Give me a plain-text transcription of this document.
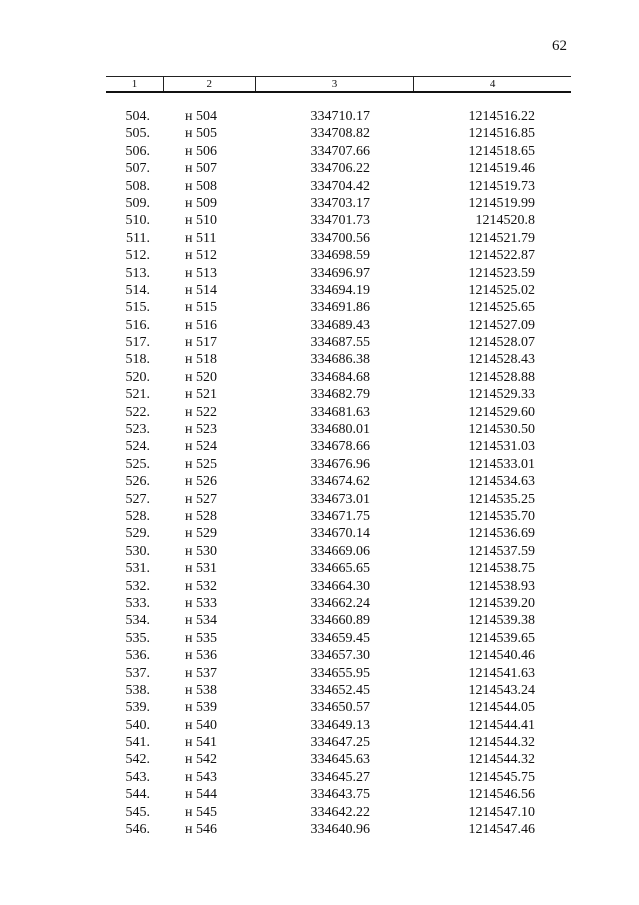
62
1	2	3	4
504.	н 504	334710.17	1214516.22
505.	н 505	334708.82	1214516.85
506.	н 506	334707.66	1214518.65
507.	н 507	334706.22	1214519.46
508.	н 508	334704.42	1214519.73
509.	н 509	334703.17	1214519.99
510.	н 510	334701.73	1214520.8
511.	н 511	334700.56	1214521.79
512.	н 512	334698.59	1214522.87
513.	н 513	334696.97	1214523.59
514.	н 514	334694.19	1214525.02
515.	н 515	334691.86	1214525.65
516.	н 516	334689.43	1214527.09
517.	н 517	334687.55	1214528.07
518.	н 518	334686.38	1214528.43
520.	н 520	334684.68	1214528.88
521.	н 521	334682.79	1214529.33
522.	н 522	334681.63	1214529.60
523.	н 523	334680.01	1214530.50
524.	н 524	334678.66	1214531.03
525.	н 525	334676.96	1214533.01
526.	н 526	334674.62	1214534.63
527.	н 527	334673.01	1214535.25
528.	н 528	334671.75	1214535.70
529.	н 529	334670.14	1214536.69
530.	н 530	334669.06	1214537.59
531.	н 531	334665.65	1214538.75
532.	н 532	334664.30	1214538.93
533.	н 533	334662.24	1214539.20
534.	н 534	334660.89	1214539.38
535.	н 535	334659.45	1214539.65
536.	н 536	334657.30	1214540.46
537.	н 537	334655.95	1214541.63
538.	н 538	334652.45	1214543.24
539.	н 539	334650.57	1214544.05
540.	н 540	334649.13	1214544.41
541.	н 541	334647.25	1214544.32
542.	н 542	334645.63	1214544.32
543.	н 543	334645.27	1214545.75
544.	н 544	334643.75	1214546.56
545.	н 545	334642.22	1214547.10
546.	н 546	334640.96	1214547.46
